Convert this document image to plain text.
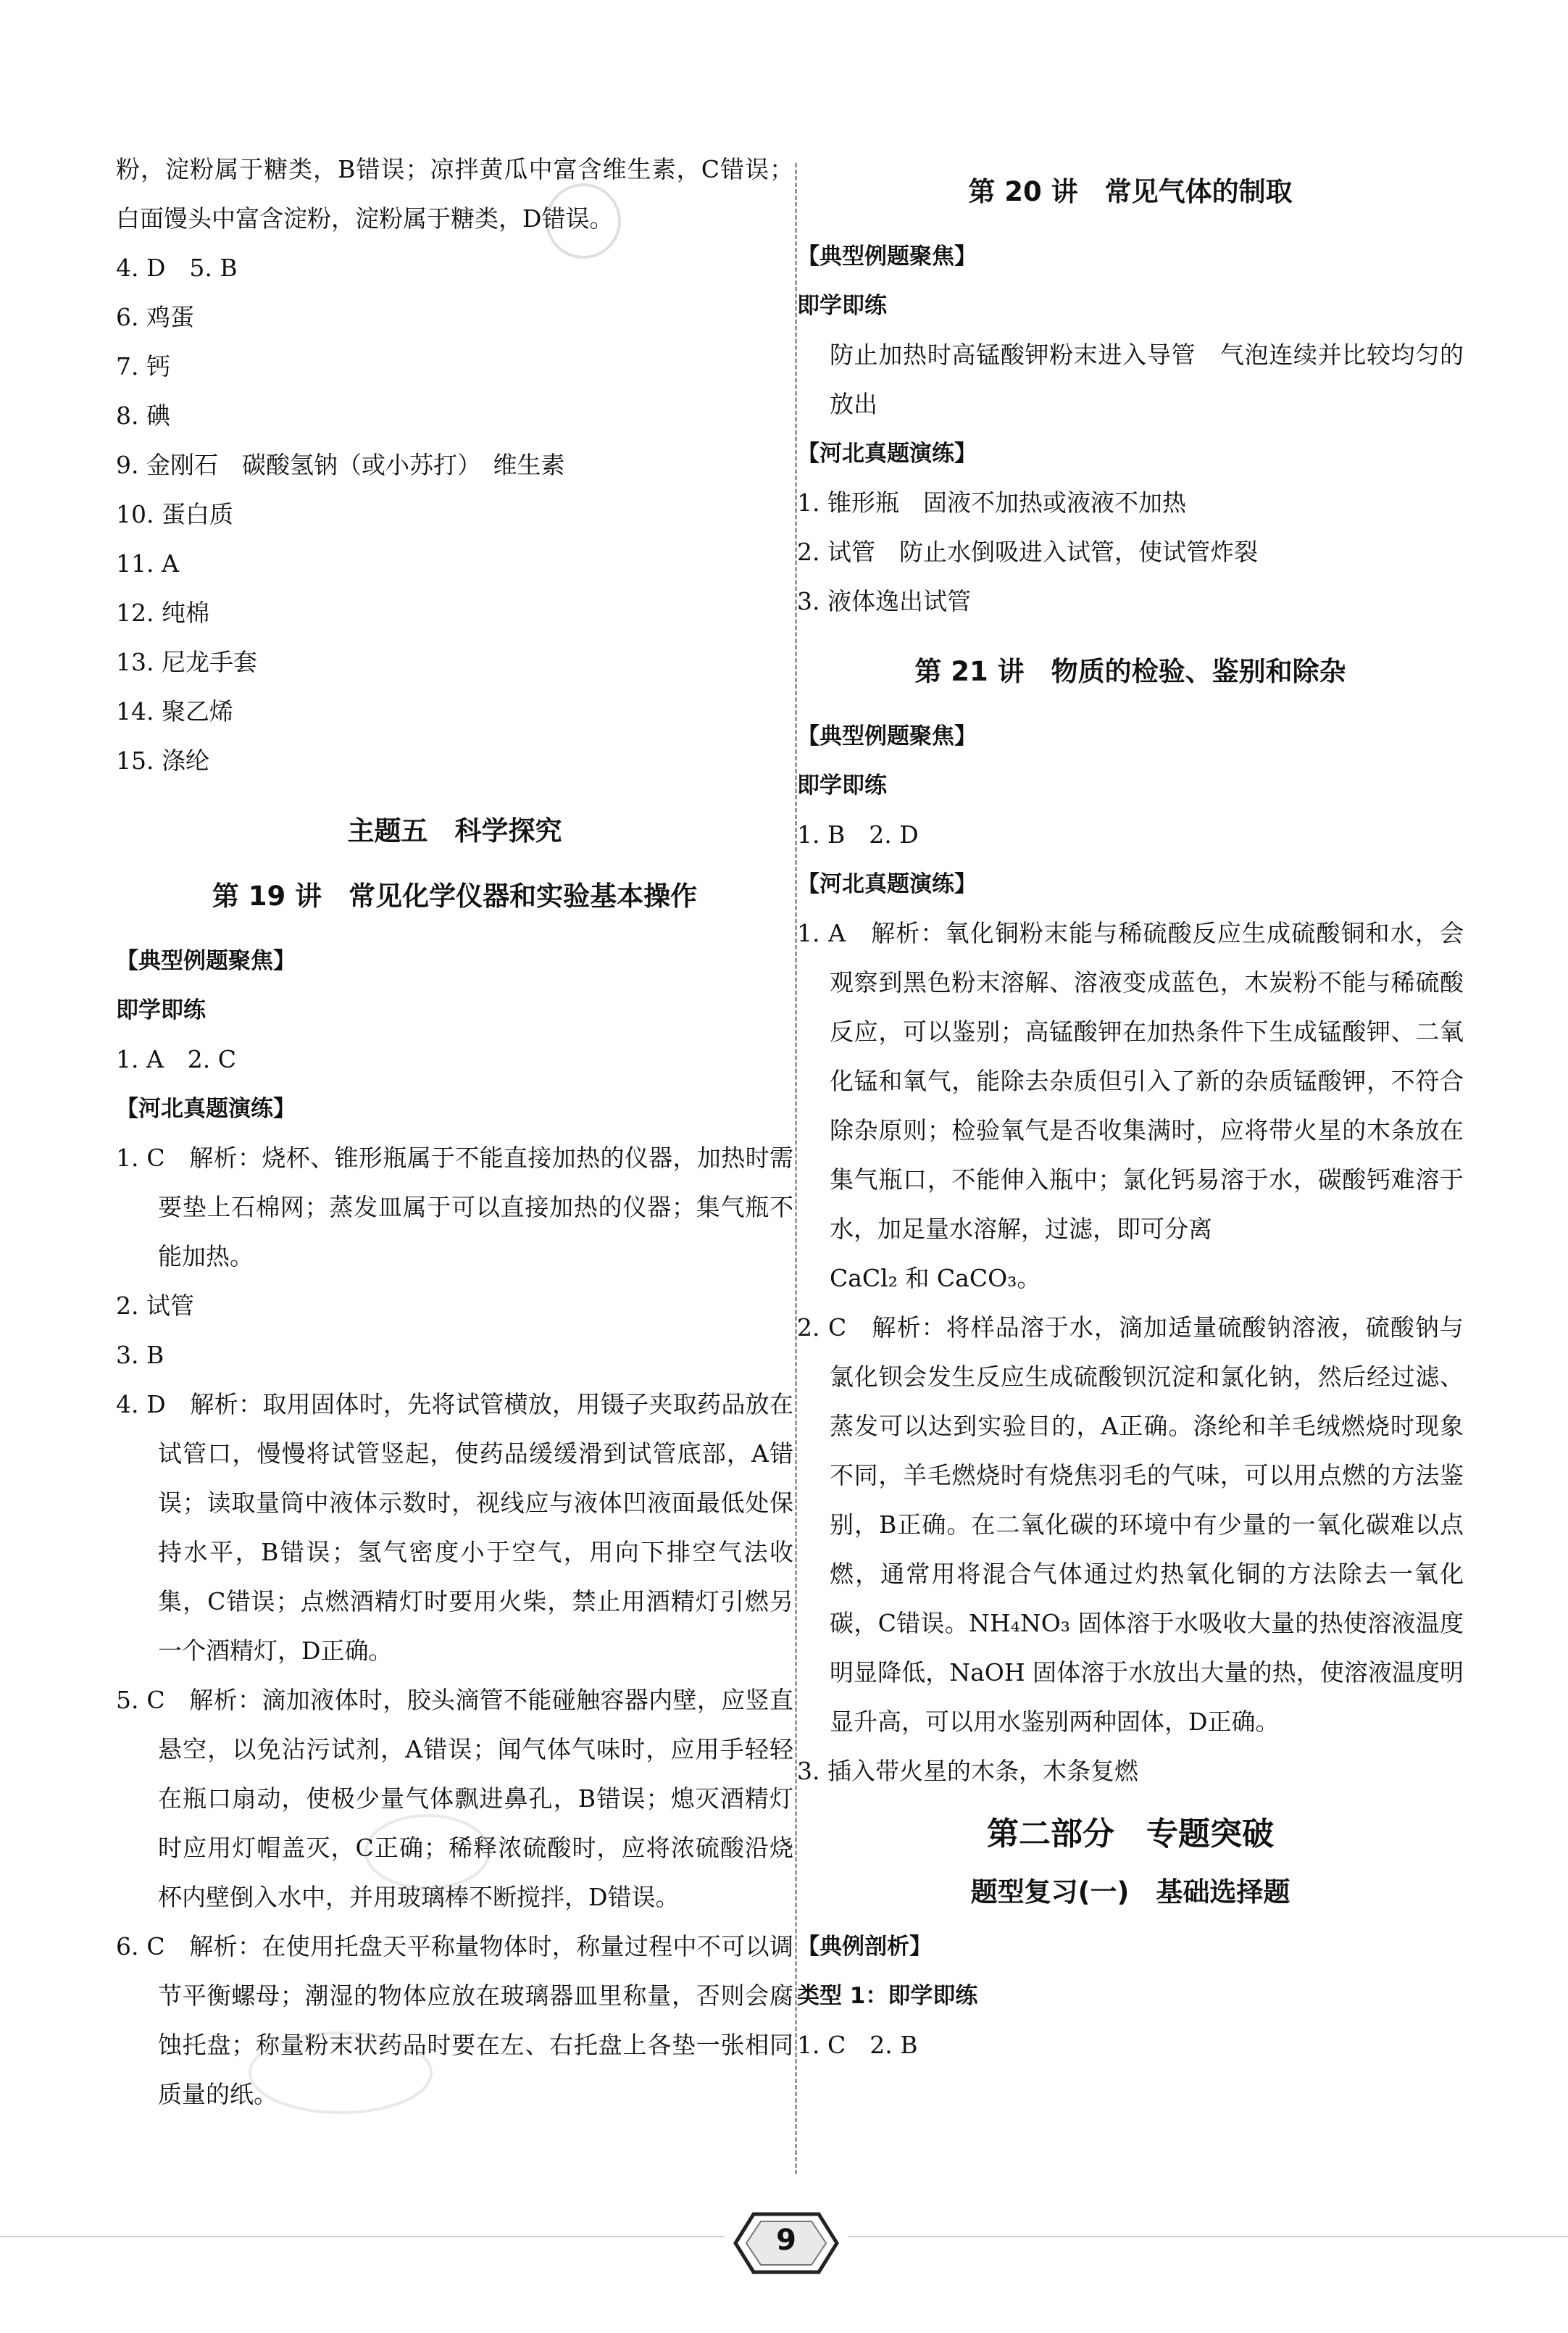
粉，淀粉属于糖类，B错误；凉拌黄瓜中富含维生素，C错误；白面馒头中富含淀粉，淀粉属于糖类，D错误。
4. D　5. B
6. 鸡蛋
7. 钙
8. 碘
9. 金刚石　碳酸氢钠（或小苏打）　维生素
10. 蛋白质
11. A
12. 纯棉
13. 尼龙手套
14. 聚乙烯
15. 涤纶
主题五　科学探究
第 19 讲　常见化学仪器和实验基本操作
【典型例题聚焦】
即学即练
1. A　2. C
【河北真题演练】
1. C　解析：烧杯、锥形瓶属于不能直接加热的仪器，加热时需要垫上石棉网；蒸发皿属于可以直接加热的仪器；集气瓶不能加热。
2. 试管
3. B
4. D　解析：取用固体时，先将试管横放，用镊子夹取药品放在试管口，慢慢将试管竖起，使药品缓缓滑到试管底部，A错误；读取量筒中液体示数时，视线应与液体凹液面最低处保持水平，B错误；氢气密度小于空气，用向下排空气法收集，C错误；点燃酒精灯时要用火柴，禁止用酒精灯引燃另一个酒精灯，D正确。
5. C　解析：滴加液体时，胶头滴管不能碰触容器内壁，应竖直悬空，以免沾污试剂，A错误；闻气体气味时，应用手轻轻在瓶口扇动，使极少量气体飘进鼻孔，B错误；熄灭酒精灯时应用灯帽盖灭，C正确；稀释浓硫酸时，应将浓硫酸沿烧杯内壁倒入水中，并用玻璃棒不断搅拌，D错误。
6. C　解析：在使用托盘天平称量物体时，称量过程中不可以调节平衡螺母；潮湿的物体应放在玻璃器皿里称量，否则会腐蚀托盘；称量粉末状药品时要在左、右托盘上各垫一张相同质量的纸。
第 20 讲　常见气体的制取
【典型例题聚焦】
即学即练
防止加热时高锰酸钾粉末进入导管　气泡连续并比较均匀的放出
【河北真题演练】
1. 锥形瓶　固液不加热或液液不加热
2. 试管　防止水倒吸进入试管，使试管炸裂
3. 液体逸出试管
第 21 讲　物质的检验、鉴别和除杂
【典型例题聚焦】
即学即练
1. B　2. D
【河北真题演练】
1. A　解析：氧化铜粉末能与稀硫酸反应生成硫酸铜和水，会观察到黑色粉末溶解、溶液变成蓝色，木炭粉不能与稀硫酸反应，可以鉴别；高锰酸钾在加热条件下生成锰酸钾、二氧化锰和氧气，能除去杂质但引入了新的杂质锰酸钾，不符合除杂原则；检验氧气是否收集满时，应将带火星的木条放在集气瓶口，不能伸入瓶中；氯化钙易溶于水，碳酸钙难溶于水，加足量水溶解，过滤，即可分离
CaCl₂ 和 CaCO₃。
2. C　解析：将样品溶于水，滴加适量硫酸钠溶液，硫酸钠与氯化钡会发生反应生成硫酸钡沉淀和氯化钠，然后经过滤、蒸发可以达到实验目的，A正确。涤纶和羊毛绒燃烧时现象不同，羊毛燃烧时有烧焦羽毛的气味，可以用点燃的方法鉴别，B正确。在二氧化碳的环境中有少量的一氧化碳难以点燃，通常用将混合气体通过灼热氧化铜的方法除去一氧化碳，C错误。NH₄NO₃ 固体溶于水吸收大量的热使溶液温度明显降低，NaOH 固体溶于水放出大量的热，使溶液温度明显升高，可以用水鉴别两种固体，D正确。
3. 插入带火星的木条，木条复燃
第二部分　专题突破
题型复习(一)　基础选择题
【典例剖析】
类型 1：即学即练
1. C　2. B
9
